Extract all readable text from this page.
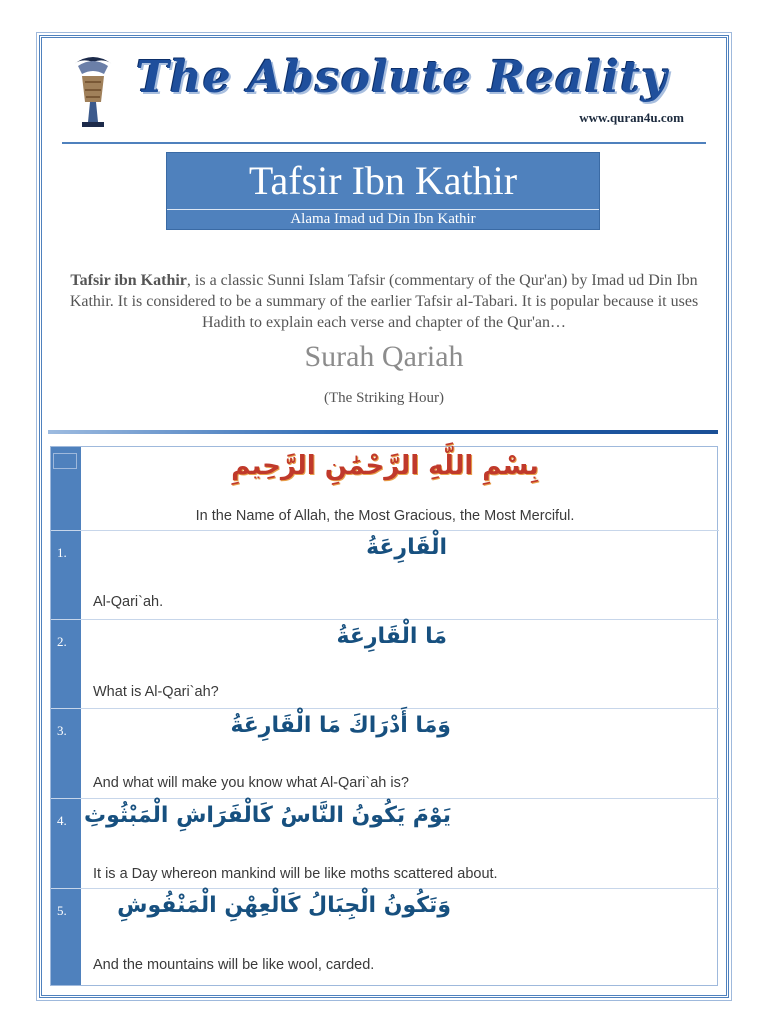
The Absolute Reality
www.quran4u.com
Tafsir Ibn Kathir
Alama Imad ud Din Ibn Kathir
Tafsir ibn Kathir, is a classic Sunni Islam Tafsir (commentary of the Qur'an) by Imad ud Din Ibn Kathir. It is considered to be a summary of the earlier Tafsir al-Tabari. It is popular because it uses Hadith to explain each verse and chapter of the Qur'an…
Surah Qariah
(The Striking Hour)
بِسْمِ اللَّهِ الرَّحْمَٰنِ الرَّحِيمِ
In the Name of Allah, the Most Gracious, the Most Merciful.
1.	الْقَارِعَةُ
Al-Qari`ah.
2.	مَا الْقَارِعَةُ
What is Al-Qari`ah?
3.	وَمَا أَدْرَاكَ مَا الْقَارِعَةُ
And what will make you know what Al-Qari`ah is?
4. يَوْمَ يَكُونُ النَّاسُ كَالْفَرَاشِ الْمَبْثُوثِ
It is a Day whereon mankind will be like moths scattered about.
5. وَتَكُونُ الْجِبَالُ كَالْعِهْنِ الْمَنْفُوشِ
And the mountains will be like wool, carded.
